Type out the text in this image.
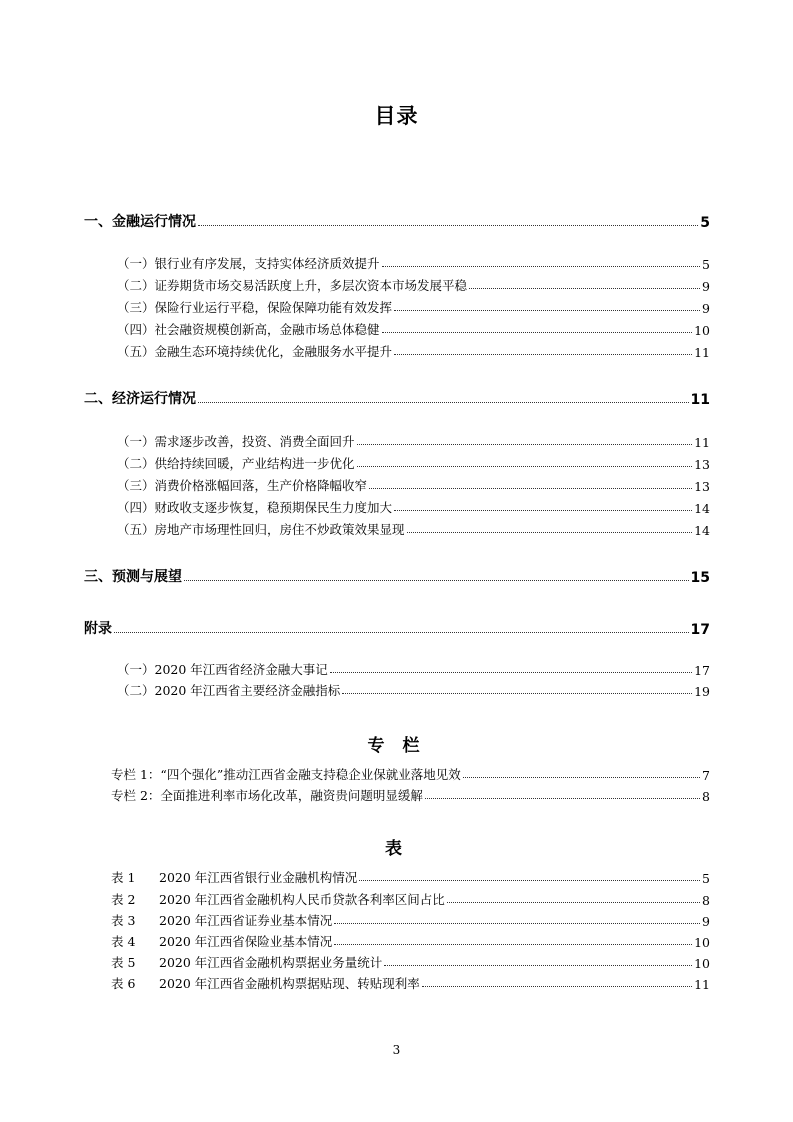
目录
一、金融运行情况	5
（一）银行业有序发展，支持实体经济质效提升	5
（二）证券期货市场交易活跃度上升，多层次资本市场发展平稳	9
（三）保险行业运行平稳，保险保障功能有效发挥	9
（四）社会融资规模创新高，金融市场总体稳健	10
（五）金融生态环境持续优化，金融服务水平提升	11
二、经济运行情况	11
（一）需求逐步改善，投资、消费全面回升	11
（二）供给持续回暖，产业结构进一步优化	13
（三）消费价格涨幅回落，生产价格降幅收窄	13
（四）财政收支逐步恢复，稳预期保民生力度加大	14
（五）房地产市场理性回归，房住不炒政策效果显现	14
三、预测与展望	15
附录	17
（一）2020 年江西省经济金融大事记	17
（二）2020 年江西省主要经济金融指标	19
专 栏
专栏 1：“四个强化”推动江西省金融支持稳企业保就业落地见效	7
专栏 2：全面推进利率市场化改革，融资贵问题明显缓解	8
表
表 1 2020 年江西省银行业金融机构情况	5
表 2 2020 年江西省金融机构人民币贷款各利率区间占比	8
表 3 2020 年江西省证券业基本情况	9
表 4 2020 年江西省保险业基本情况	10
表 5 2020 年江西省金融机构票据业务量统计	10
表 6 2020 年江西省金融机构票据贴现、转贴现利率	11
3
